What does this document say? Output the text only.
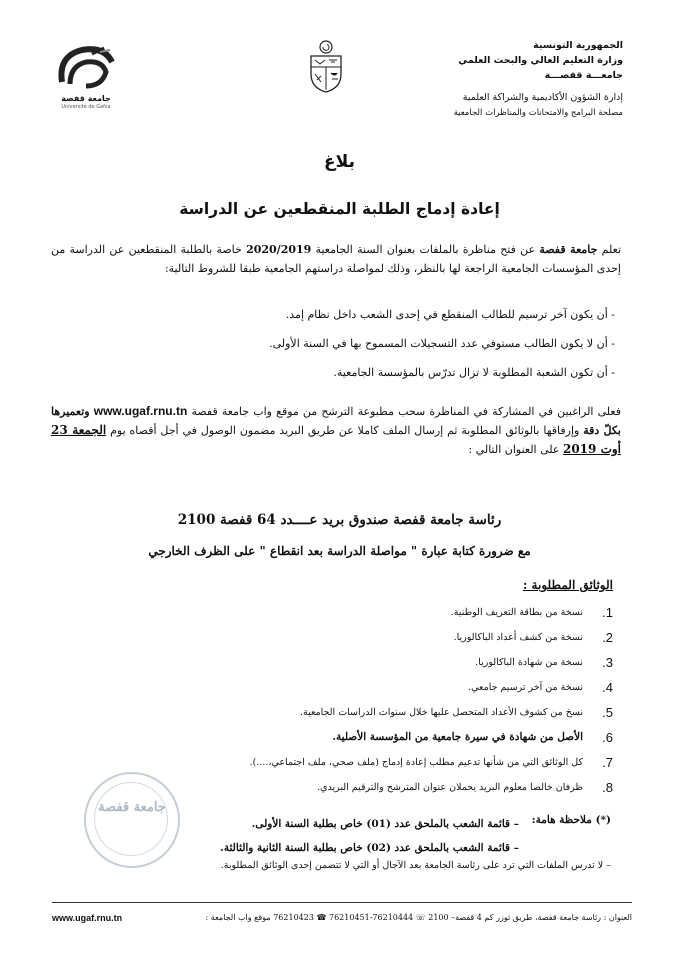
الجمهورية التونسية
وزارة التعليم العالي والبحث العلمي
جامعـــة قفصـــة
إدارة الشؤون الأكاديمية والشراكة العلمية
مصلحة البرامج والامتحانات والمناظرات الجامعية
جامعة قفصة
Université de Gafsa
بلاغ
إعادة إدماج الطلبة المنقطعين عن الدراسة
تعلم جامعة قفصة عن فتح مناظرة بالملفات بعنوان السنة الجامعية 2020/2019 خاصة بالطلبة المنقطعين عن الدراسة من إحدى المؤسسات الجامعية الراجعة لها بالنظر، وذلك لمواصلة دراستهم الجامعية طبقا للشروط التالية:
- أن يكون آخر ترسيم للطالب المنقطع في إحدى الشعب داخل نظام إمد.
- أن لا يكون الطالب مستوفي عدد التسجيلات المسموح بها في السنة الأولى.
- أن تكون الشعبة المطلوبة لا تزال تدرّس بالمؤسسة الجامعية.
فعلى الراغبين في المشاركة في المناظرة سحب مطبوعة الترشح من موقع واب جامعة قفصة www.ugaf.rnu.tn وتعميرها بكلّ دقة وإرفاقها بالوثائق المطلوبة ثم إرسال الملف كاملا عن طريق البريد مضمون الوصول في أجل أقصاه يوم الجمعة 23 أوت 2019 على العنوان التالي :
رئاسة جامعة قفصة صندوق بريد عــــدد 64 قفصة 2100
مع ضرورة كتابة عبارة " مواصلة الدراسة بعد انقطاع " على الظرف الخارجي
الوثائق المطلوبة :
1.
نسخة من بطاقة التعريف الوطنية.
2.
نسخة من كشف أعداد الباكالوريا.
3.
نسخة من شهادة الباكالوريا.
4.
نسخة من آخر ترسيم جامعي.
5.
نسخ من كشوف الأعداد المتحصل عليها خلال سنوات الدراسات الجامعية.
6.
الأصل من شهادة في سيرة جامعية من المؤسسة الأصلية.
7.
كل الوثائق التي من شأنها تدعيم مطلب إعادة إدماج (ملف صحي، ملف اجتماعي،....).
8.
ظرفان خالصا معلوم البريد يحملان عنوان المترشح والترقيم البريدي.
جامعة قفصة
(*) ملاحظة هامة:
– قائمة الشعب بالملحق عدد (01) خاص بطلبة السنة الأولى.
– قائمة الشعب بالملحق عدد (02) خاص بطلبة السنة الثانية والثالثة.
– لا تدرس الملفات التي ترد على رئاسة الجامعة بعد الآجال أو التي لا تتضمن إحدى الوثائق المطلوبة.
العنوان : رئاسة جامعة قفصة، طريق توزر كم 4 قفصة– 2100 ☏ 76210444-76210451 ☎ 76210423 موقع واب الجامعة :
www.ugaf.rnu.tn
